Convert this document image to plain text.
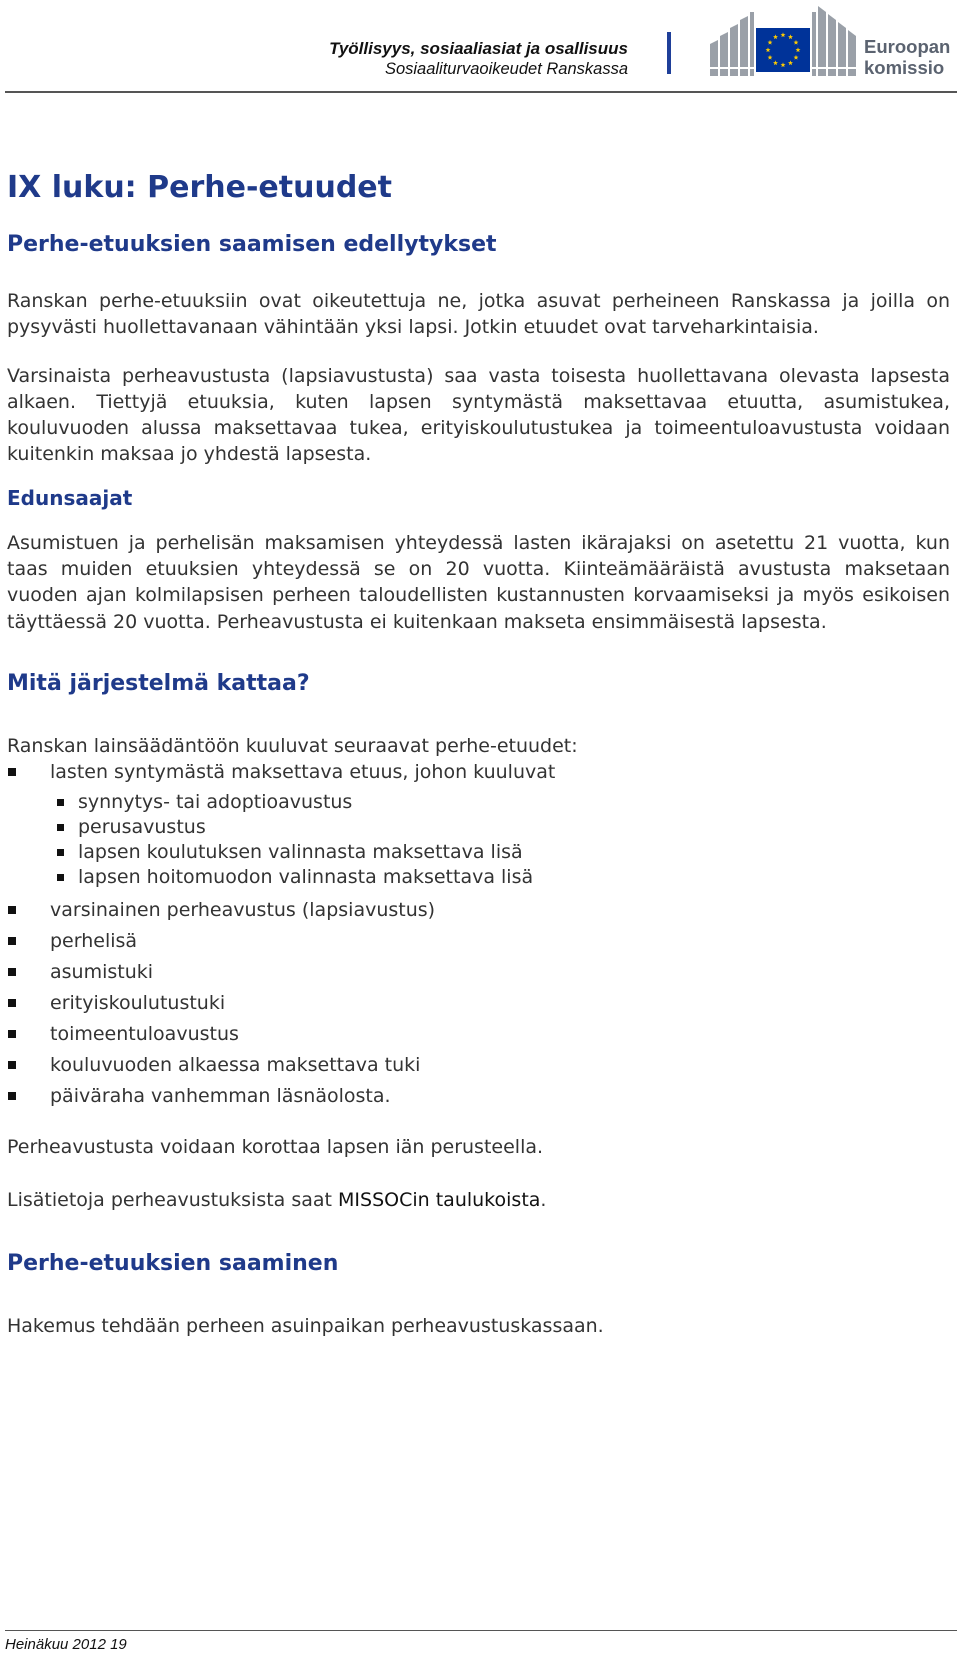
Työllisyys, sosiaaliasiat ja osallisuus
Sosiaaliturvaoikeudet Ranskassa
Euroopan
komissio
IX luku: Perhe-etuudet
Perhe-etuuksien saamisen edellytykset

Ranskan perhe-etuuksiin ovat oikeutettuja ne, jotka asuvat perheineen Ranskassa ja joilla on pysyvästi huollettavanaan vähintään yksi lapsi. Jotkin etuudet ovat tarveharkintaisia.

Varsinaista perheavustusta (lapsiavustusta) saa vasta toisesta huollettavana olevasta lapsesta alkaen. Tiettyjä etuuksia, kuten lapsen syntymästä maksettavaa etuutta, asumistukea, kouluvuoden alussa maksettavaa tukea, erityiskoulutustukea ja toimeentuloavustusta voidaan kuitenkin maksaa jo yhdestä lapsesta.

Edunsaajat

Asumistuen ja perhelisän maksamisen yhteydessä lasten ikärajaksi on asetettu 21 vuotta, kun taas muiden etuuksien yhteydessä se on 20 vuotta. Kiinteämääräistä avustusta maksetaan vuoden ajan kolmilapsisen perheen taloudellisten kustannusten korvaamiseksi ja myös esikoisen täyttäessä 20 vuotta. Perheavustusta ei kuitenkaan makseta ensimmäisestä lapsesta.

Mitä järjestelmä kattaa?

Ranskan lainsäädäntöön kuuluvat seuraavat perhe-etuudet:

lasten syntymästä maksettava etuus, johon kuuluvat
synnytys- tai adoptioavustus
perusavustus
lapsen koulutuksen valinnasta maksettava lisä
lapsen hoitomuodon valinnasta maksettava lisä
varsinainen perheavustus (lapsiavustus)
perhelisä
asumistuki
erityiskoulutustuki
toimeentuloavustus
kouluvuoden alkaessa maksettava tuki
päiväraha vanhemman läsnäolosta.

Perheavustusta voidaan korottaa lapsen iän perusteella.

Lisätietoja perheavustuksista saat MISSOCin taulukoista.

Perhe-etuuksien saaminen

Hakemus tehdään perheen asuinpaikan perheavustuskassaan.

Heinäkuu 2012 19
